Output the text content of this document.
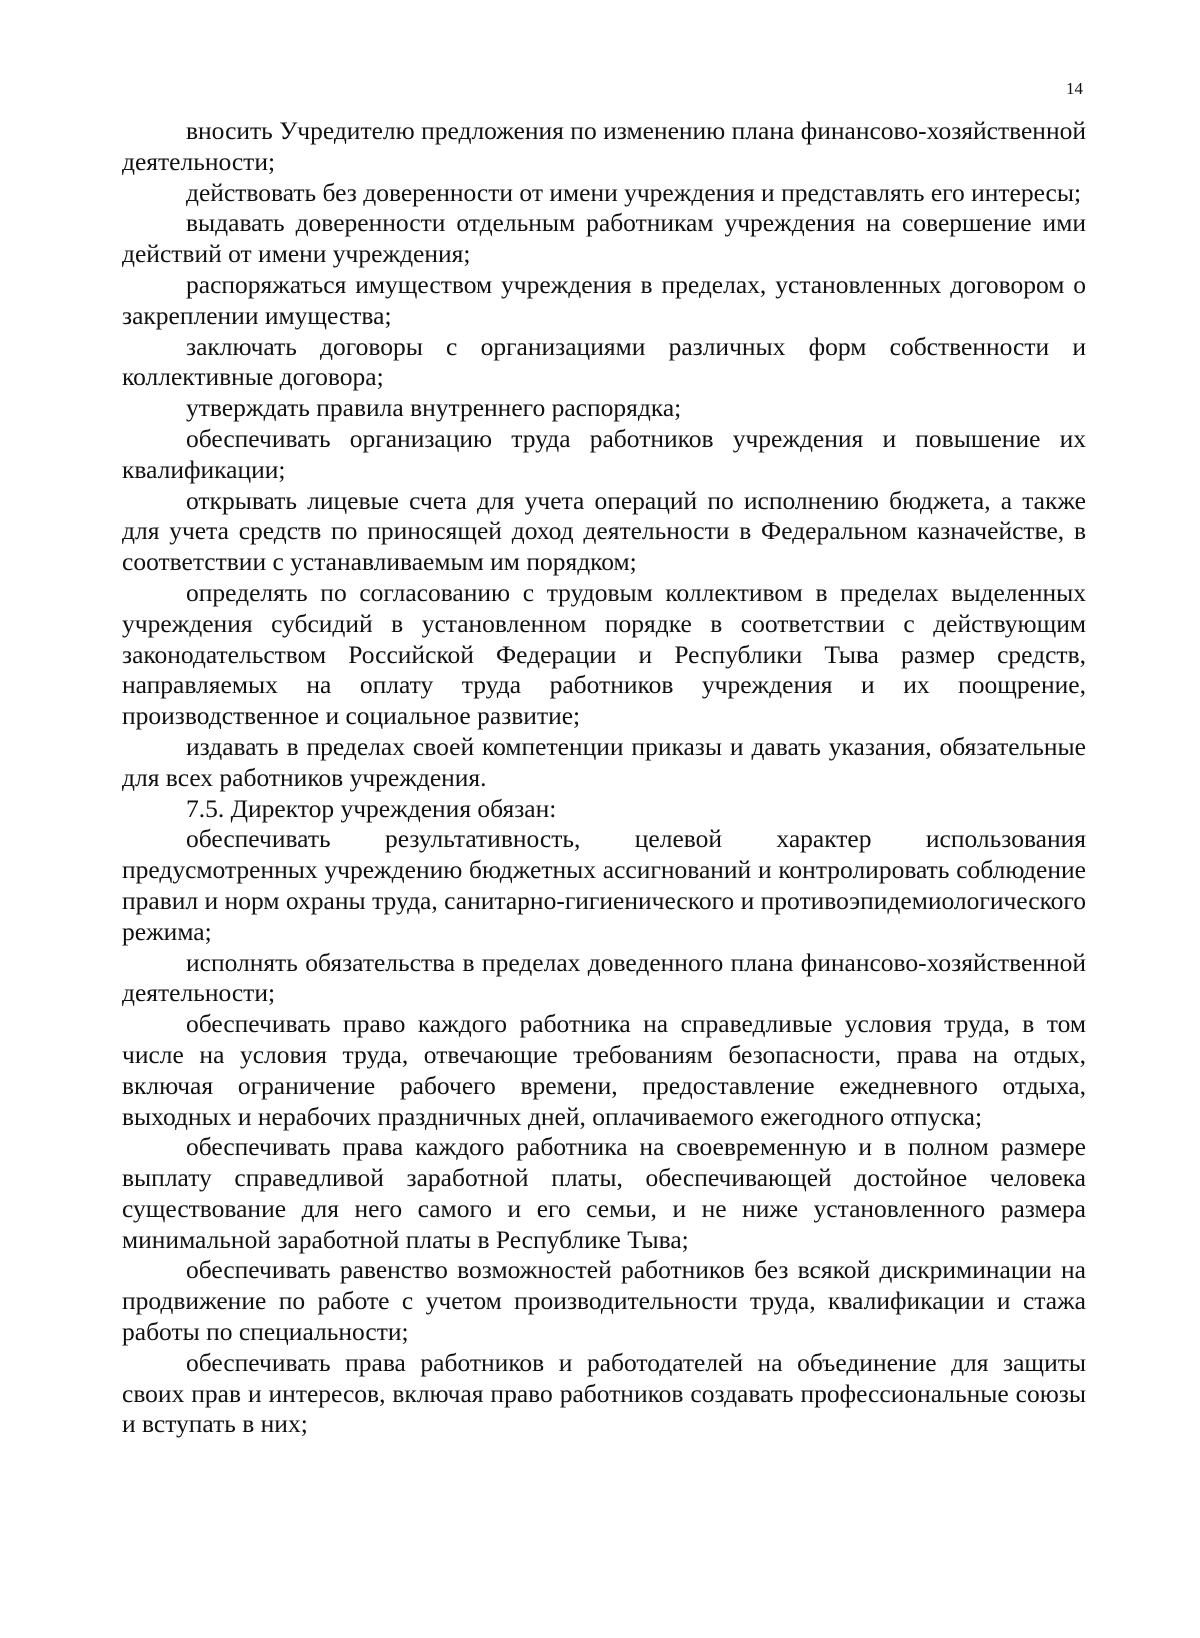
14

вносить Учредителю предложения по изменению плана финансово-хозяйственной деятельности;

действовать без доверенности от имени учреждения и представлять его интересы;

выдавать доверенности отдельным работникам учреждения на совершение ими действий от имени учреждения;

распоряжаться имуществом учреждения в пределах, установленных договором о закреплении имущества;

заключать договоры с организациями различных форм собственности и коллективные договора;

утверждать правила внутреннего распорядка;

обеспечивать организацию труда работников учреждения и повышение их квалификации;

открывать лицевые счета для учета операций по исполнению бюджета, а также для учета средств по приносящей доход деятельности в Федеральном казначействе, в соответствии с устанавливаемым им порядком;

определять по согласованию с трудовым коллективом в пределах выделенных учреждения субсидий в установленном порядке в соответствии с действующим законодательством Российской Федерации и Республики Тыва размер средств, направляемых на оплату труда работников учреждения и их поощрение, производственное и социальное развитие;

издавать в пределах своей компетенции приказы и давать указания, обязательные для всех работников учреждения.

7.5. Директор учреждения обязан:

обеспечивать результативность, целевой характер использования предусмотренных учреждению бюджетных ассигнований и контролировать соблюдение правил и норм охраны труда, санитарно-гигиенического и противоэпидемиологического режима;

исполнять обязательства в пределах доведенного плана финансово-хозяйственной деятельности;

обеспечивать право каждого работника на справедливые условия труда, в том числе на условия труда, отвечающие требованиям безопасности, права на отдых, включая ограничение рабочего времени, предоставление ежедневного отдыха, выходных и нерабочих праздничных дней, оплачиваемого ежегодного отпуска;

обеспечивать права каждого работника на своевременную и в полном размере выплату справедливой заработной платы, обеспечивающей достойное человека существование для него самого и его семьи, и не ниже установленного размера минимальной заработной платы в Республике Тыва;

обеспечивать равенство возможностей работников без всякой дискриминации на продвижение по работе с учетом производительности труда, квалификации и стажа работы по специальности;

обеспечивать права работников и работодателей на объединение для защиты своих прав и интересов, включая право работников создавать профессиональные союзы и вступать в них;
